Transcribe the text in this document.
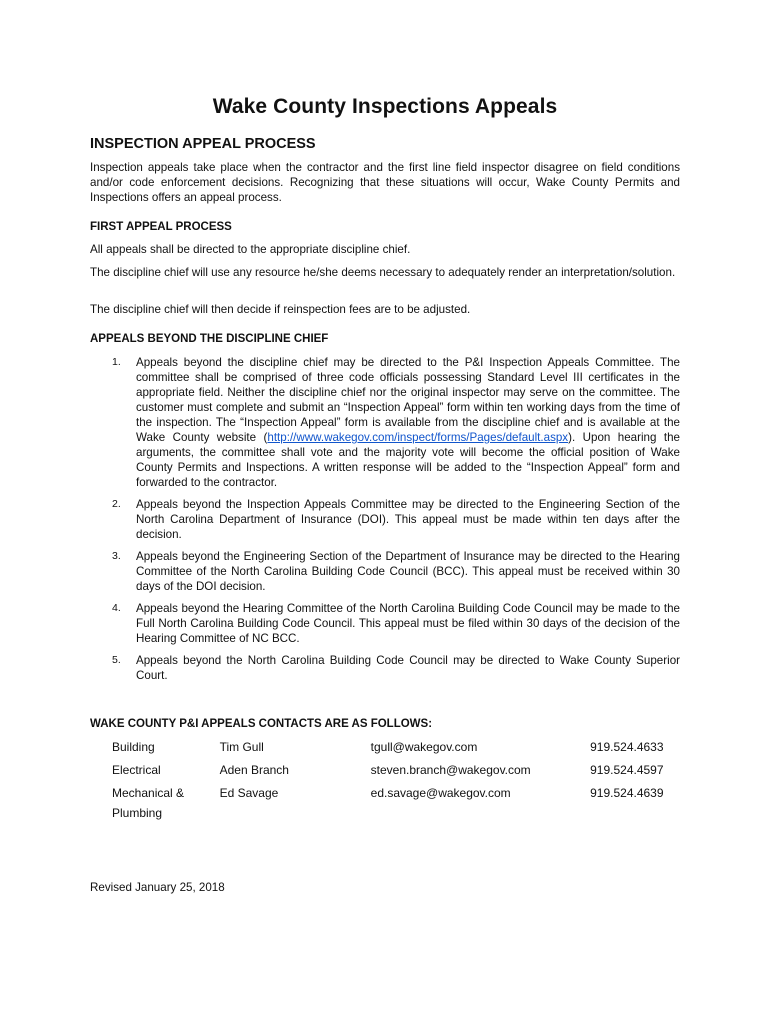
Wake County Inspections Appeals
INSPECTION APPEAL PROCESS

Inspection appeals take place when the contractor and the first line field inspector disagree on field conditions and/or code enforcement decisions. Recognizing that these situations will occur, Wake County Permits and Inspections offers an appeal process.

FIRST APPEAL PROCESS

All appeals shall be directed to the appropriate discipline chief.

The discipline chief will use any resource he/she deems necessary to adequately render an interpretation/solution.

The discipline chief will then decide if reinspection fees are to be adjusted.

APPEALS BEYOND THE DISCIPLINE CHIEF
1. Appeals beyond the discipline chief may be directed to the P&I Inspection Appeals Committee. The committee shall be comprised of three code officials possessing Standard Level III certificates in the appropriate field. Neither the discipline chief nor the original inspector may serve on the committee. The customer must complete and submit an “Inspection Appeal” form within ten working days from the time of the inspection. The “Inspection Appeal” form is available from the discipline chief and is available at the Wake County website (http://www.wakegov.com/inspect/forms/Pages/default.aspx). Upon hearing the arguments, the committee shall vote and the majority vote will become the official position of Wake County Permits and Inspections. A written response will be added to the “Inspection Appeal” form and forwarded to the contractor.
2. Appeals beyond the Inspection Appeals Committee may be directed to the Engineering Section of the North Carolina Department of Insurance (DOI). This appeal must be made within ten days after the decision.
3. Appeals beyond the Engineering Section of the Department of Insurance may be directed to the Hearing Committee of the North Carolina Building Code Council (BCC). This appeal must be received within 30 days of the DOI decision.
4. Appeals beyond the Hearing Committee of the North Carolina Building Code Council may be made to the Full North Carolina Building Code Council. This appeal must be filed within 30 days of the decision of the Hearing Committee of NC BCC.
5. Appeals beyond the North Carolina Building Code Council may be directed to Wake County Superior Court.
WAKE COUNTY P&I APPEALS CONTACTS ARE AS FOLLOWS:
Building	Tim Gull	tgull@wakegov.com	919.524.4633
Electrical	Aden Branch	steven.branch@wakegov.com	919.524.4597
Mechanical & Plumbing	Ed Savage	ed.savage@wakegov.com	919.524.4639

Revised January 25, 2018
